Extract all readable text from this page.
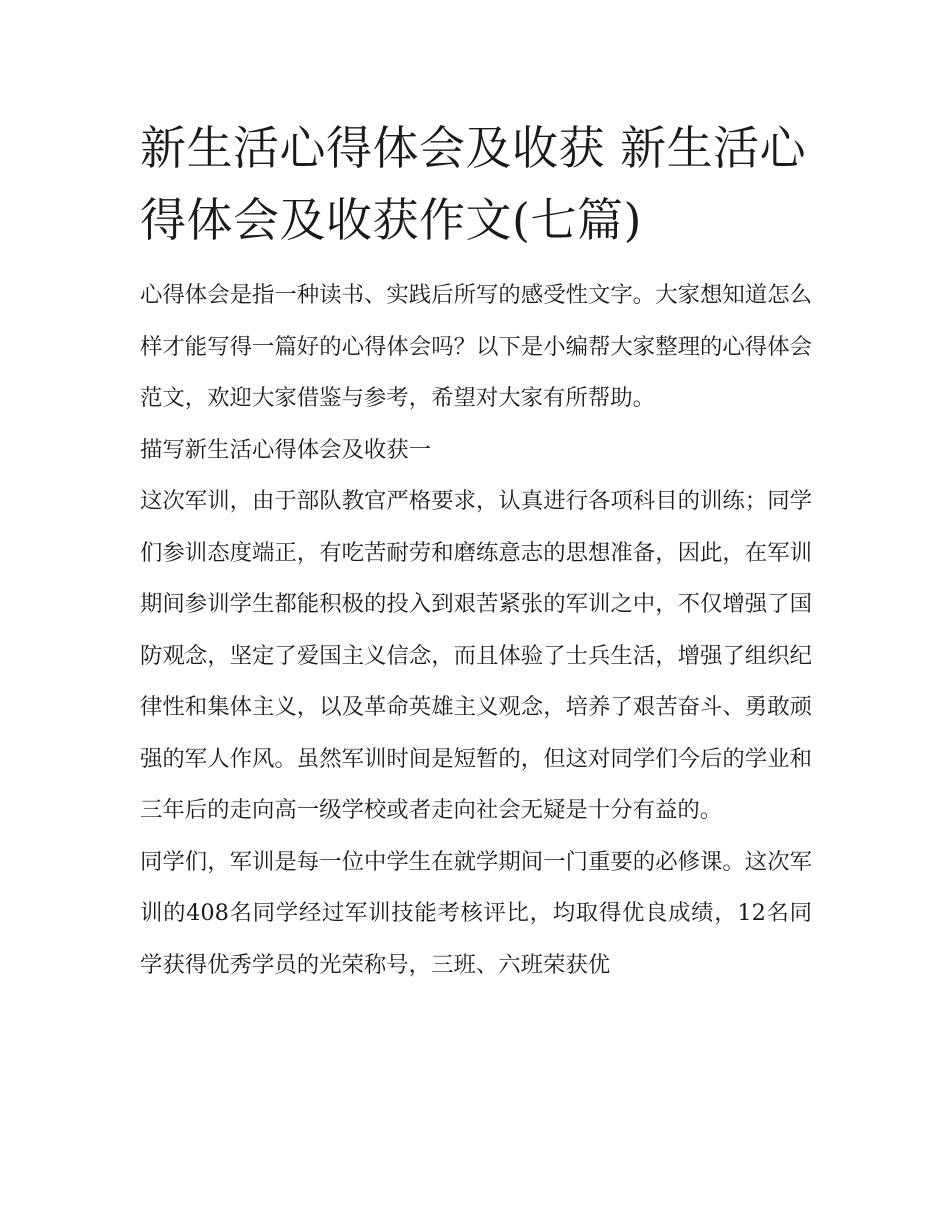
新生活心得体会及收获 新生活心得体会及收获作文(七篇)

心得体会是指一种读书、实践后所写的感受性文字。大家想知道怎么样才能写得一篇好的心得体会吗？以下是小编帮大家整理的心得体会范文，欢迎大家借鉴与参考，希望对大家有所帮助。

描写新生活心得体会及收获一

这次军训，由于部队教官严格要求，认真进行各项科目的训练；同学们参训态度端正，有吃苦耐劳和磨练意志的思想准备，因此，在军训期间参训学生都能积极的投入到艰苦紧张的军训之中，不仅增强了国防观念，坚定了爱国主义信念，而且体验了士兵生活，增强了组织纪律性和集体主义，以及革命英雄主义观念，培养了艰苦奋斗、勇敢顽强的军人作风。虽然军训时间是短暂的，但这对同学们今后的学业和三年后的走向高一级学校或者走向社会无疑是十分有益的。

同学们，军训是每一位中学生在就学期间一门重要的必修课。这次军训的408名同学经过军训技能考核评比，均取得优良成绩，12名同学获得优秀学员的光荣称号，三班、六班荣获优
